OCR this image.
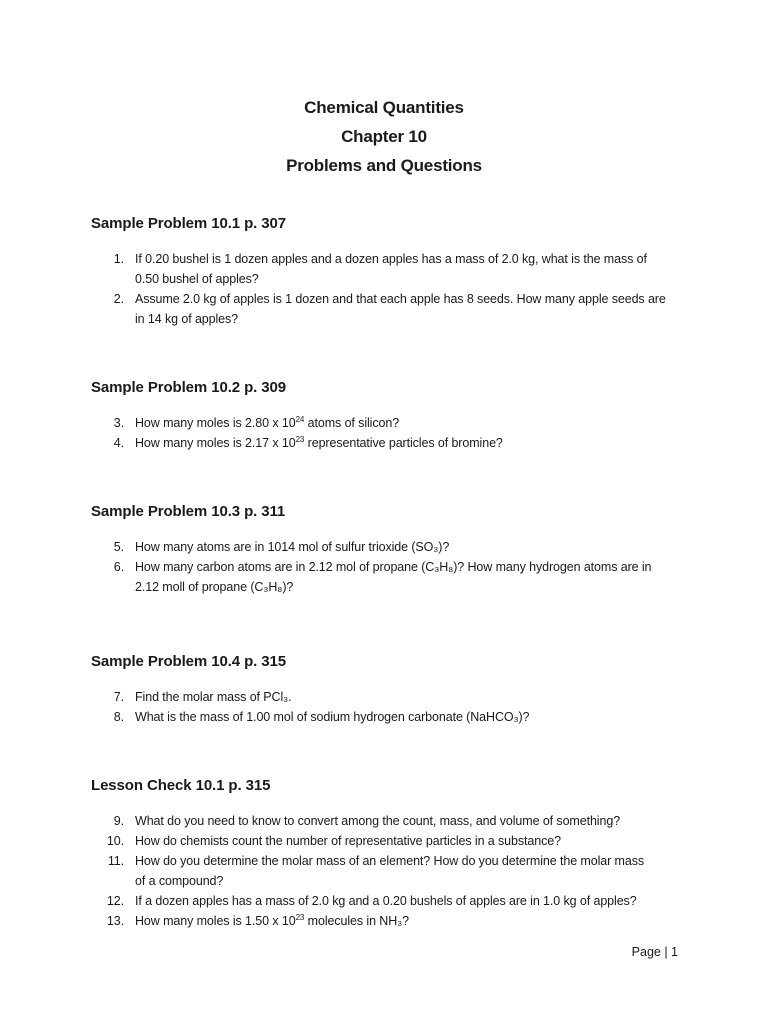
Chemical Quantities
Chapter 10
Problems and Questions
Sample Problem 10.1 p. 307
1. If 0.20 bushel is 1 dozen apples and a dozen apples has a mass of 2.0 kg, what is the mass of
0.50 bushel of apples?
2. Assume 2.0 kg of apples is 1 dozen and that each apple has 8 seeds. How many apple seeds are
in 14 kg of apples?
Sample Problem 10.2 p. 309
3. How many moles is 2.80 x $10^{24}$ atoms of silicon?
4. How many moles is 2.17 x $10^{23}$ representative particles of bromine?
Sample Problem 10.3 p. 311
5. How many atoms are in 1014 mol of sulfur trioxide (SO₃)?
6. How many carbon atoms are in 2.12 mol of propane (C₃H₈)? How many hydrogen atoms are in
2.12 moll of propane (C₃H₈)?
Sample Problem 10.4 p. 315
7. Find the molar mass of PCl₃.
8. What is the mass of 1.00 mol of sodium hydrogen carbonate (NaHCO₃)?
Lesson Check 10.1 p. 315
9. What do you need to know to convert among the count, mass, and volume of something?
10. How do chemists count the number of representative particles in a substance?
11. How do you determine the molar mass of an element? How do you determine the molar mass
of a compound?
12. If a dozen apples has a mass of 2.0 kg and a 0.20 bushels of apples are in 1.0 kg of apples?
13. How many moles is 1.50 x $10^{23}$ molecules in NH₃?
Page | 1
